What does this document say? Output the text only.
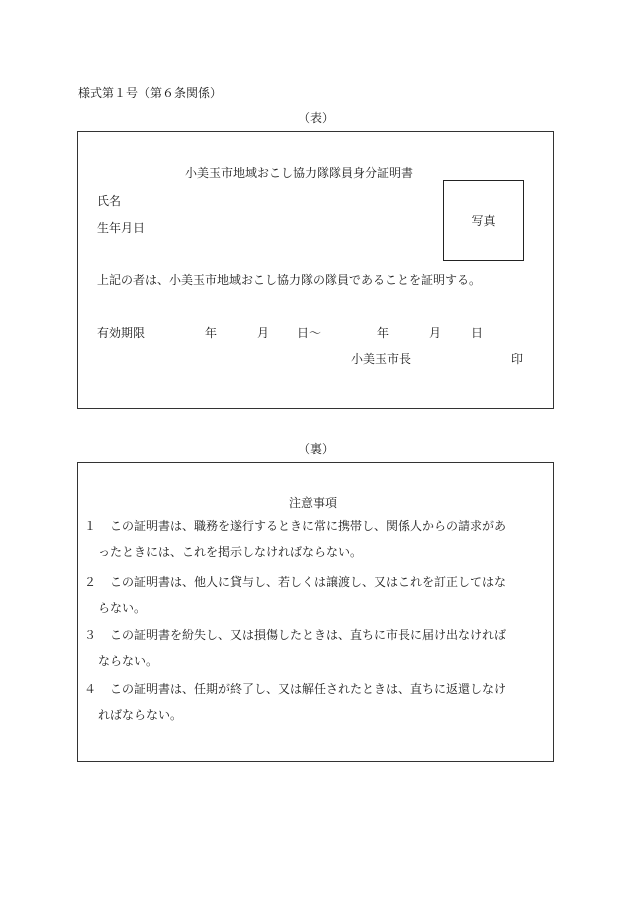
様式第１号（第６条関係）
（表）
小美玉市地域おこし協力隊隊員身分証明書
氏名
生年月日	写真
上記の者は、小美玉市地域おこし協力隊の隊員であることを証明する。
有効期限	年	月 日～	年	月 日
小美玉市長	印
（裏）
注意事項
１ この証明書は、職務を遂行するときに常に携帯し、関係人からの請求があ
ったときには、これを掲示しなければならない。
２ この証明書は、他人に貸与し、若しくは譲渡し、又はこれを訂正してはな
らない。
３ この証明書を紛失し、又は損傷したときは、直ちに市長に届け出なければ
ならない。
４ この証明書は、任期が終了し、又は解任されたときは、直ちに返還しなけ
ればならない。
